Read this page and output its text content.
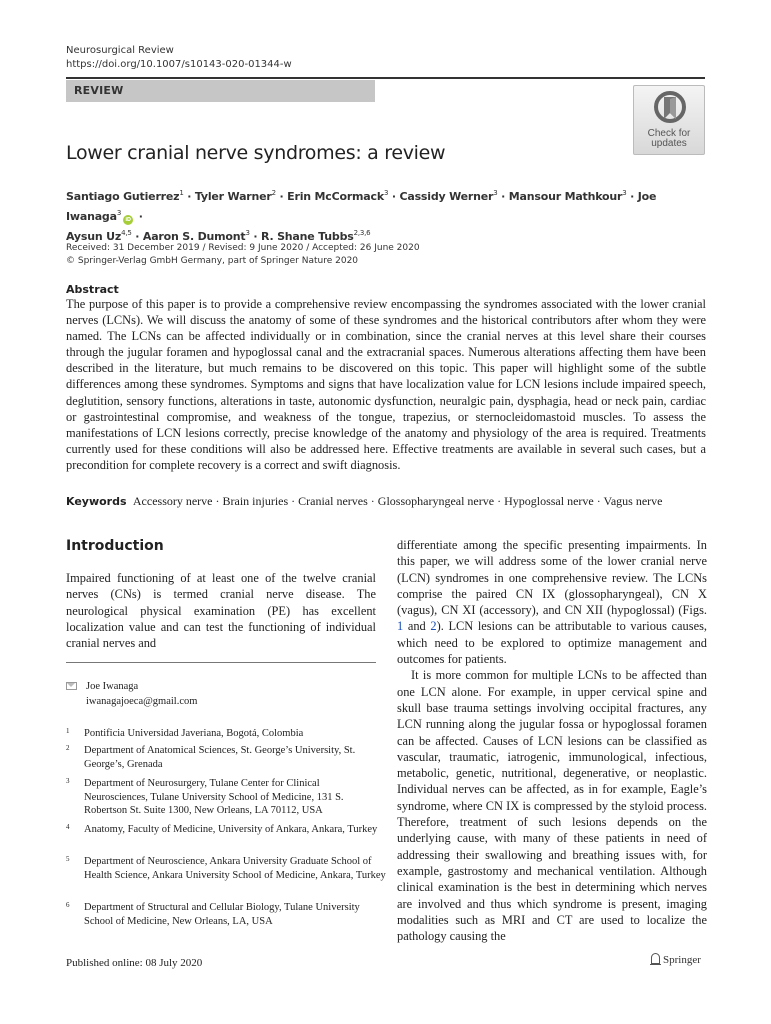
Neurosurgical Review
https://doi.org/10.1007/s10143-020-01344-w
REVIEW
Check for updates
Lower cranial nerve syndromes: a review
Santiago Gutierrez$^1$ · Tyler Warner$^2$ · Erin McCormack$^3$ · Cassidy Werner$^3$ · Mansour Mathkour$^3$ · Joe Iwanaga$^3$iD ·
Aysun Uz$^{4,5}$ · Aaron S. Dumont$^3$ · R. Shane Tubbs$^{2,3,6}$
Received: 31 December 2019 / Revised: 9 June 2020 / Accepted: 26 June 2020
© Springer-Verlag GmbH Germany, part of Springer Nature 2020
Abstract
The purpose of this paper is to provide a comprehensive review encompassing the syndromes associated with the lower cranial nerves (LCNs). We will discuss the anatomy of some of these syndromes and the historical contributors after whom they were named. The LCNs can be affected individually or in combination, since the cranial nerves at this level share their courses through the jugular foramen and hypoglossal canal and the extracranial spaces. Numerous alterations affecting them have been described in the literature, but much remains to be discovered on this topic. This paper will highlight some of the subtle differences among these syndromes. Symptoms and signs that have localization value for LCN lesions include impaired speech, deglutition, sensory functions, alterations in taste, autonomic dysfunction, neuralgic pain, dysphagia, head or neck pain, cardiac or gastrointestinal compromise, and weakness of the tongue, trapezius, or sternocleidomastoid muscles. To assess the manifestations of LCN lesions correctly, precise knowledge of the anatomy and physiology of the area is required. Treatments currently used for these conditions will also be addressed here. Effective treatments are available in several such cases, but a precondition for complete recovery is a correct and swift diagnosis.
Keywords Accessory nerve · Brain injuries · Cranial nerves · Glossopharyngeal nerve · Hypoglossal nerve · Vagus nerve
Introduction
Impaired functioning of at least one of the twelve cranial nerves (CNs) is termed cranial nerve disease. The neurological physical examination (PE) has excellent localization value and can test the functioning of individual cranial nerves and
Joe Iwanaga
iwanagajoeca@gmail.com
1 Pontificia Universidad Javeriana, Bogotá, Colombia
2 Department of Anatomical Sciences, St. George’s University, St. George’s, Grenada
3 Department of Neurosurgery, Tulane Center for Clinical Neurosciences, Tulane University School of Medicine, 131 S. Robertson St. Suite 1300, New Orleans, LA 70112, USA
4 Anatomy, Faculty of Medicine, University of Ankara, Ankara, Turkey
5 Department of Neuroscience, Ankara University Graduate School of Health Science, Ankara University School of Medicine, Ankara, Turkey
6 Department of Structural and Cellular Biology, Tulane University School of Medicine, New Orleans, LA, USA

differentiate among the specific presenting impairments. In this paper, we will address some of the lower cranial nerve (LCN) syndromes in one comprehensive review. The LCNs comprise the paired CN IX (glossopharyngeal), CN X (vagus), CN XI (accessory), and CN XII (hypoglossal) (Figs. 1 and 2). LCN lesions can be attributable to various causes, which need to be explored to optimize management and outcomes for patients.

It is more common for multiple LCNs to be affected than one LCN alone. For example, in upper cervical spine and skull base trauma settings involving occipital fractures, any LCN running along the jugular fossa or hypoglossal foramen can be affected. Causes of LCN lesions can be classified as vascular, traumatic, iatrogenic, immunological, infectious, metabolic, genetic, nutritional, degenerative, or neoplastic. Individual nerves can be affected, as in for example, Eagle’s syndrome, where CN IX is compressed by the styloid process. Therefore, treatment of such lesions depends on the underlying cause, with many of these patients in need of addressing their swallowing and breathing issues with, for example, gastrostomy and mechanical ventilation. Although clinical examination is the best in determining which nerves are involved and thus which syndrome is present, imaging modalities such as MRI and CT are used to localize the pathology causing the

Published online: 08 July 2020	Springer
